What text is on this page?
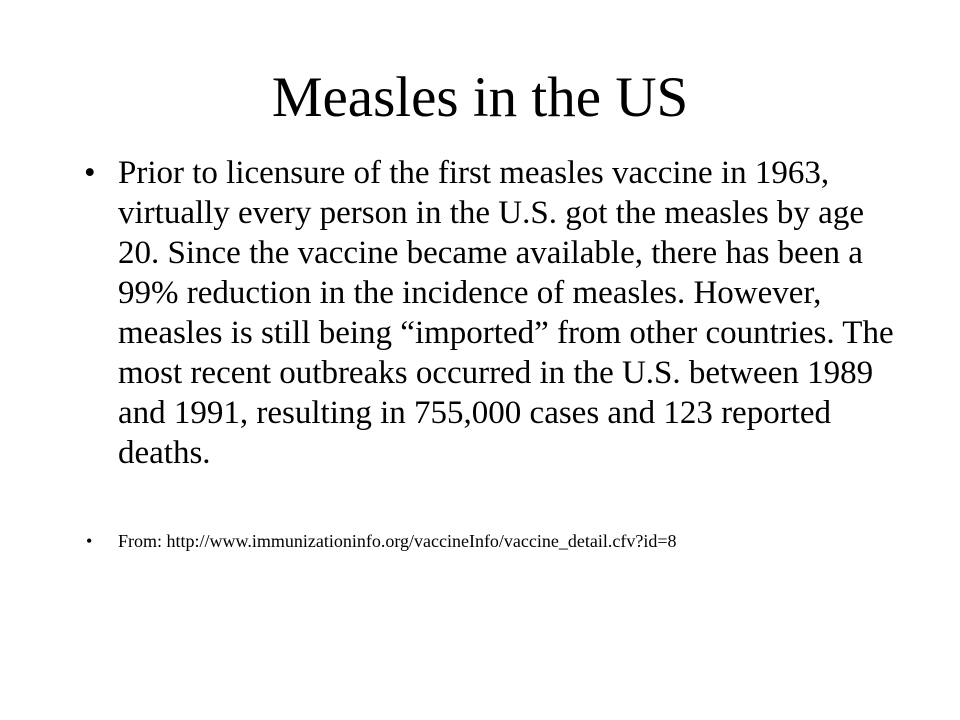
Measles in the US
• Prior to licensure of the first measles vaccine in 1963, virtually every person in the U.S. got the measles by age 20. Since the vaccine became available, there has been a 99% reduction in the incidence of measles. However, measles is still being “imported” from other countries. The most recent outbreaks occurred in the U.S. between 1989 and 1991, resulting in 755,000 cases and 123 reported deaths.
• From: http://www.immunizationinfo.org/vaccineInfo/vaccine_detail.cfv?id=8
